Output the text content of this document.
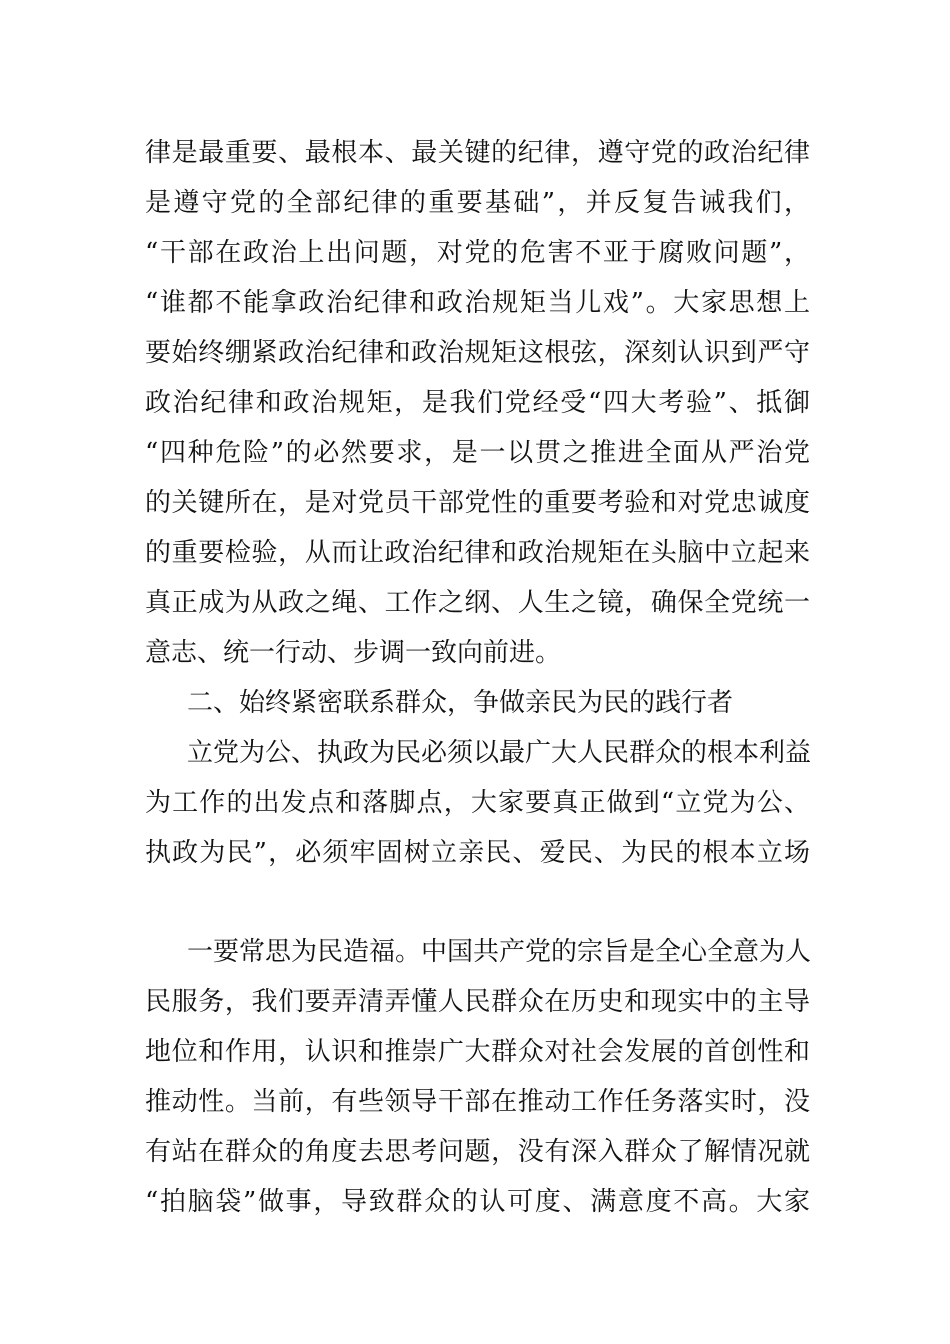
律是最重要、最根本、最关键的纪律，遵守党的政治纪律
是遵守党的全部纪律的重要基础”，并反复告诫我们，
“干部在政治上出问题，对党的危害不亚于腐败问题”，
“谁都不能拿政治纪律和政治规矩当儿戏”。大家思想上
要始终绷紧政治纪律和政治规矩这根弦，深刻认识到严守
政治纪律和政治规矩，是我们党经受“四大考验”、抵御
“四种危险”的必然要求，是一以贯之推进全面从严治党
的关键所在，是对党员干部党性的重要考验和对党忠诚度
的重要检验，从而让政治纪律和政治规矩在头脑中立起来
真正成为从政之绳、工作之纲、人生之镜，确保全党统一
意志、统一行动、步调一致向前进。
二、始终紧密联系群众，争做亲民为民的践行者
立党为公、执政为民必须以最广大人民群众的根本利益
为工作的出发点和落脚点，大家要真正做到“立党为公、
执政为民”，必须牢固树立亲民、爱民、为民的根本立场
一要常思为民造福。中国共产党的宗旨是全心全意为人
民服务，我们要弄清弄懂人民群众在历史和现实中的主导
地位和作用，认识和推崇广大群众对社会发展的首创性和
推动性。当前，有些领导干部在推动工作任务落实时，没
有站在群众的角度去思考问题，没有深入群众了解情况就
“拍脑袋”做事，导致群众的认可度、满意度不高。大家
